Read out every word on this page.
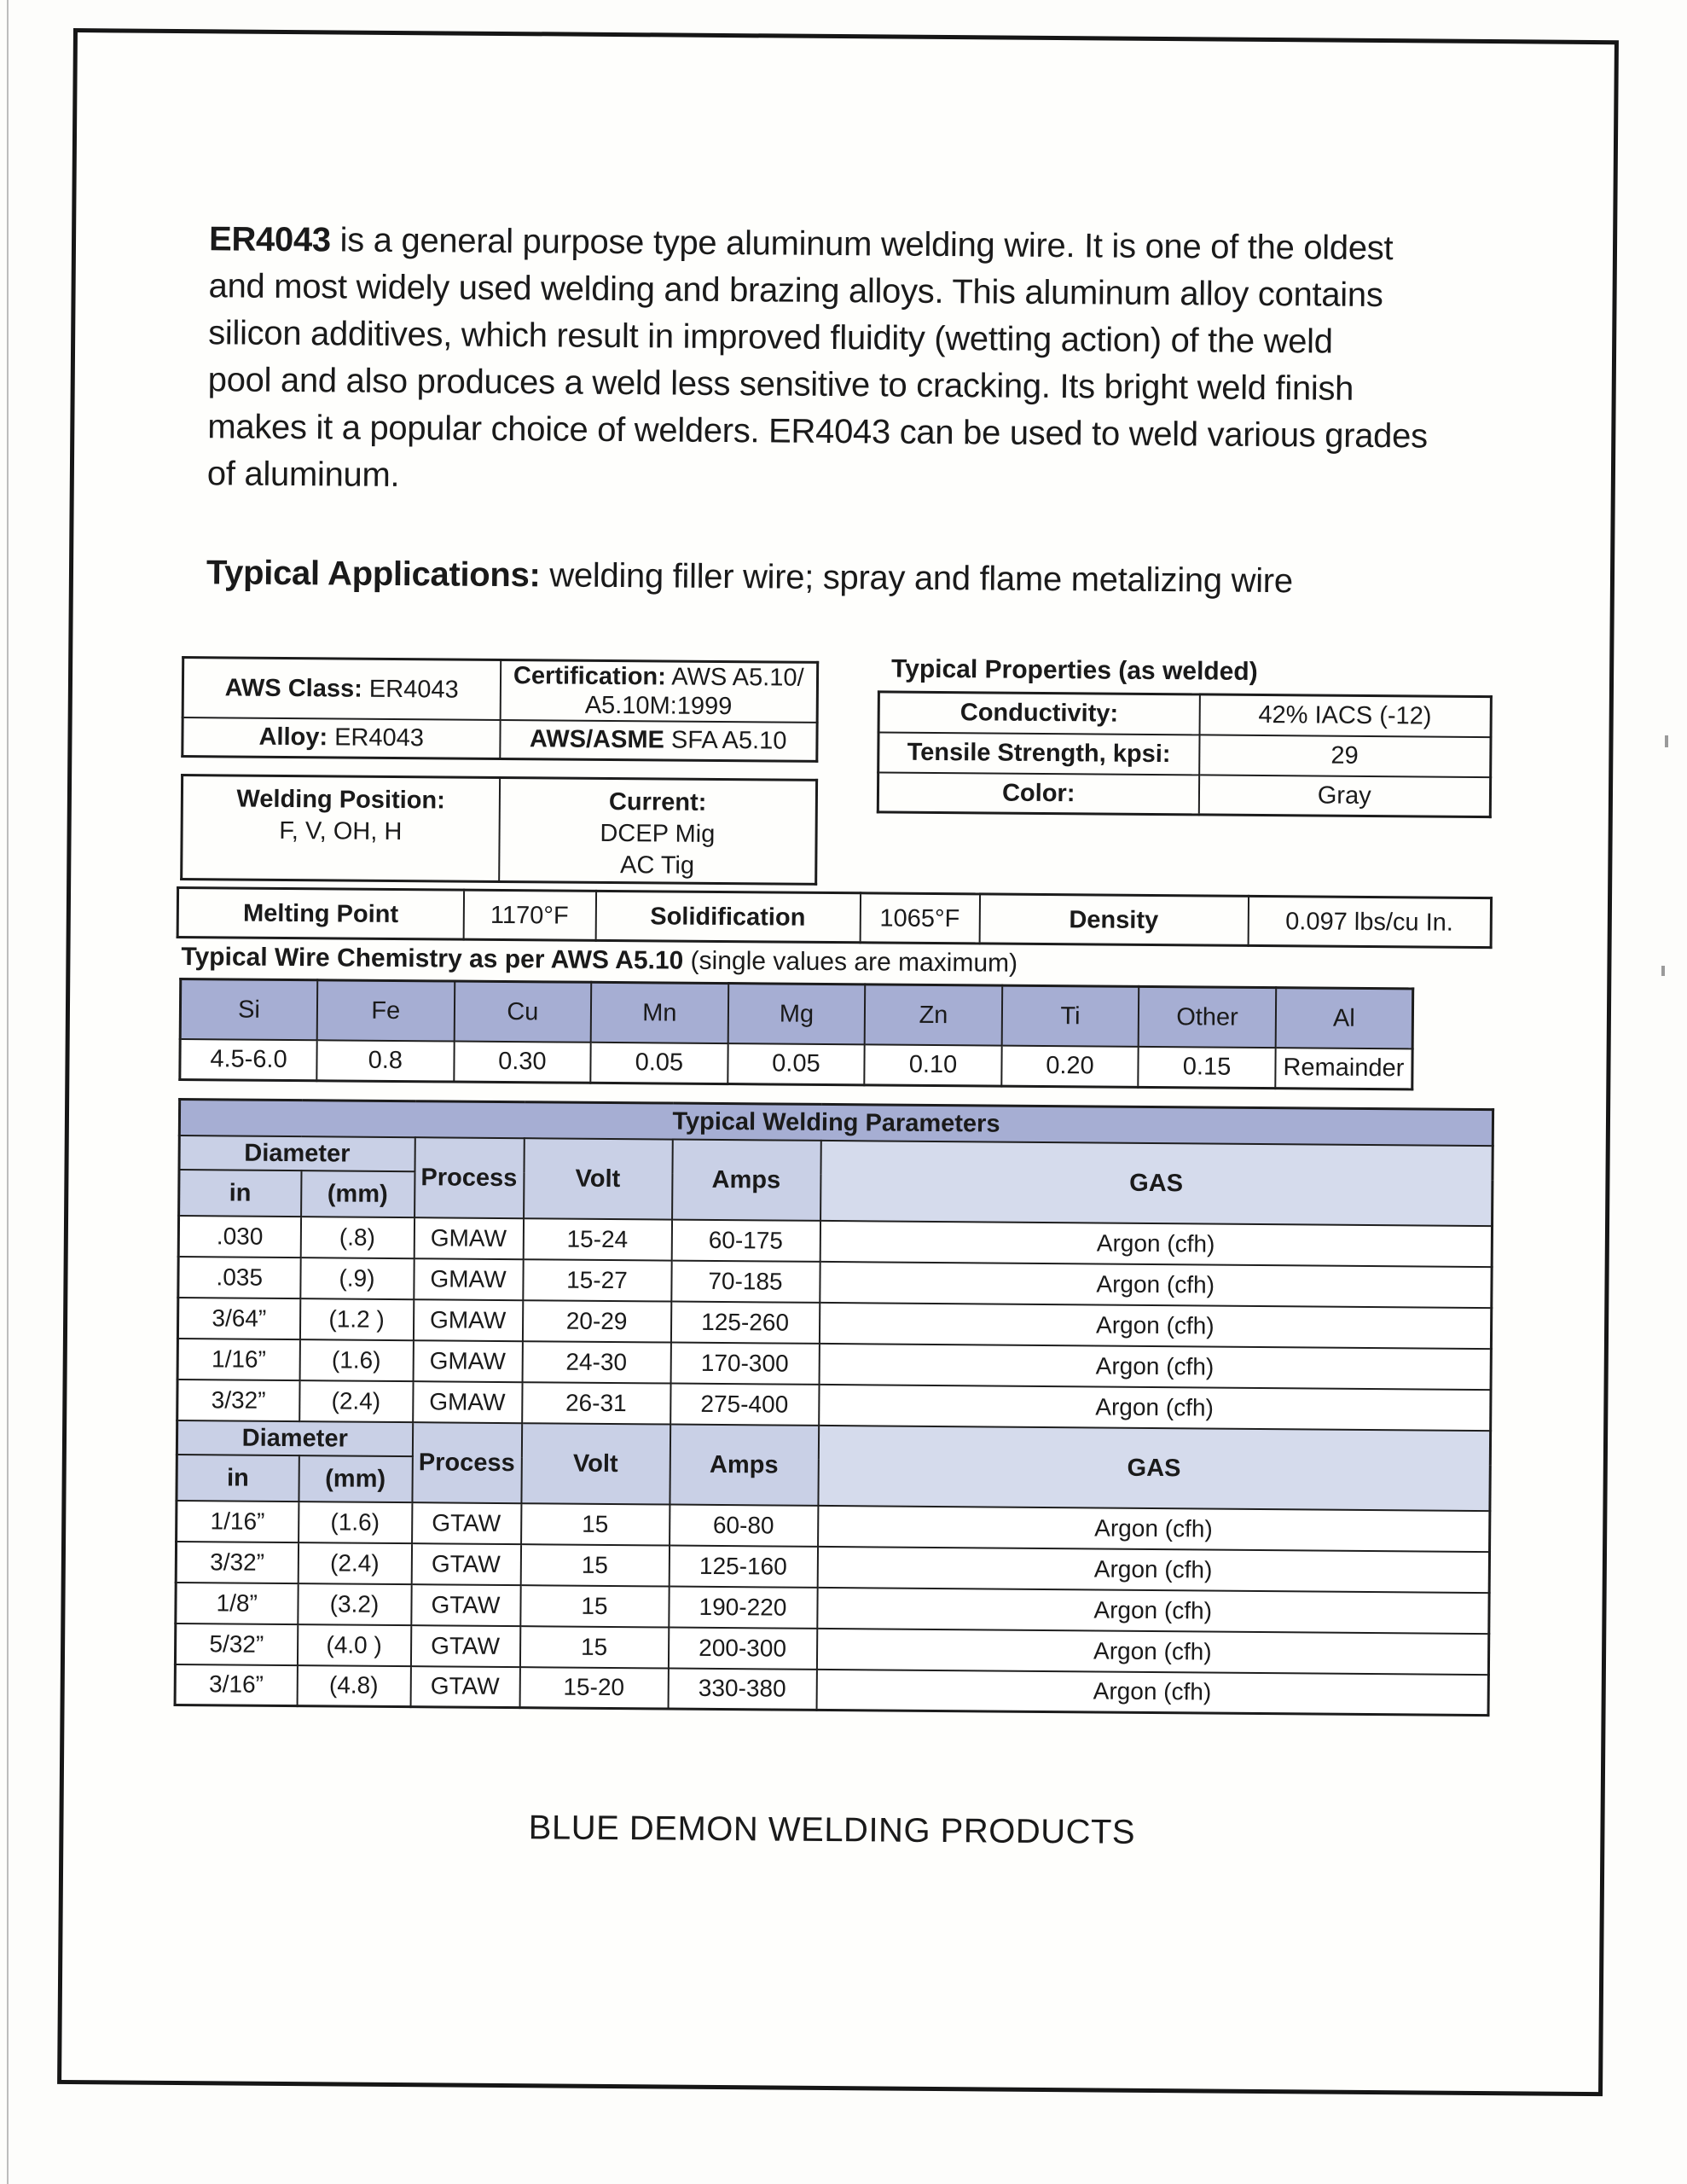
ER4043 is a general purpose type aluminum welding wire. It is one of the oldest
and most widely used welding and brazing alloys. This aluminum alloy contains
silicon additives, which result in improved fluidity (wetting action) of the weld
pool and also produces a weld less sensitive to cracking. Its bright weld finish
makes it a popular choice of welders. ER4043 can be used to weld various grades
of aluminum.
Typical Applications: welding filler wire; spray and flame metalizing wire
AWS Class: ER4043	Certification: AWS A5.10/
A5.10M:1999

Alloy: ER4043	AWS/ASME SFA A5.10
Typical Properties (as welded)
Conductivity:	42% IACS (-12)
Tensile Strength, kpsi:	29
Color:	Gray
Welding Position:
F, V, OH, H

Current:
DCEP Mig
AC Tig
Melting Point	1170°F	Solidification	1065°F	Density	0.097 lbs/cu In.
Typical Wire Chemistry as per AWS A5.10 (single values are maximum)
Si	Fe	Cu	Mn	Mg	Zn	Ti	Other	Al
4.5-6.0	0.8	0.30	0.05	0.05	0.10	0.20	0.15	Remainder
Typical Welding Parameters					
Diameter		Process	Volt	Amps	GAS
in	(mm)				
.030	(.8)	GMAW	15-24	60-175	Argon (cfh)
.035	(.9)	GMAW	15-27	70-185	Argon (cfh)
3/64”	(1.2 )	GMAW	20-29	125-260	Argon (cfh)
1/16”	(1.6)	GMAW	24-30	170-300	Argon (cfh)
3/32”	(2.4)	GMAW	26-31	275-400	Argon (cfh)
Diameter		Process	Volt	Amps	GAS
in	(mm)				
1/16”	(1.6)	GTAW	15	60-80	Argon (cfh)
3/32”	(2.4)	GTAW	15	125-160	Argon (cfh)
1/8”	(3.2)	GTAW	15	190-220	Argon (cfh)
5/32”	(4.0 )	GTAW	15	200-300	Argon (cfh)
3/16”	(4.8)	GTAW	15-20	330-380	Argon (cfh)
BLUE DEMON WELDING PRODUCTS
